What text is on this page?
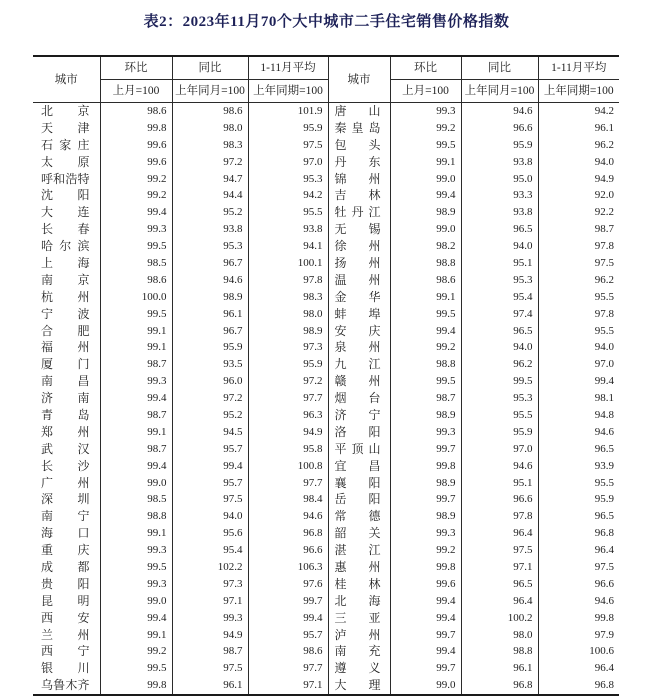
表2：2023年11月70个大中城市二手住宅销售价格指数
城市	环比	同比	1-11月平均	城市	环比	同比	1-11月平均
	上月=100	上年同月=100	上年同期=100		上月=100	上年同月=100	上年同期=100

北 京	98.6	98.6	101.9	唐 山	99.3	94.6	94.2

天 津	99.8	98.0	95.9	秦 皇 岛	99.2	96.6	96.1

石 家 庄	99.6	98.3	97.5	包 头	99.5	95.9	96.2

太 原	99.6	97.2	97.0	丹 东	99.1	93.8	94.0

呼 和 浩 特	99.2	94.7	95.3	锦 州	99.0	95.0	94.9

沈 阳	99.2	94.4	94.2	吉 林	99.4	93.3	92.0

大 连	99.4	95.2	95.5	牡 丹 江	98.9	93.8	92.2

长 春	99.3	93.8	93.8	无 锡	99.0	96.5	98.7

哈 尔 滨	99.5	95.3	94.1	徐 州	98.2	94.0	97.8

上 海	98.5	96.7	100.1	扬 州	98.8	95.1	97.5

南 京	98.6	94.6	97.8	温 州	98.6	95.3	96.2

杭 州	100.0	98.9	98.3	金 华	99.1	95.4	95.5

宁 波	99.5	96.1	98.0	蚌 埠	99.5	97.4	97.8

合 肥	99.1	96.7	98.9	安 庆	99.4	96.5	95.5

福 州	99.1	95.9	97.3	泉 州	99.2	94.0	94.0

厦 门	98.7	93.5	95.9	九 江	98.8	96.2	97.0

南 昌	99.3	96.0	97.2	赣 州	99.5	99.5	99.4

济 南	99.4	97.2	97.7	烟 台	98.7	95.3	98.1

青 岛	98.7	95.2	96.3	济 宁	98.9	95.5	94.8

郑 州	99.1	94.5	94.9	洛 阳	99.3	95.9	94.6

武 汉	98.7	95.7	95.8	平 顶 山	99.7	97.0	96.5

长 沙	99.4	99.4	100.8	宜 昌	99.8	94.6	93.9

广 州	99.0	95.7	97.7	襄 阳	98.9	95.1	95.5

深 圳	98.5	97.5	98.4	岳 阳	99.7	96.6	95.9

南 宁	98.8	94.0	94.6	常 德	98.9	97.8	96.5

海 口	99.1	95.6	96.8	韶 关	99.3	96.4	96.8

重 庆	99.3	95.4	96.6	湛 江	99.2	97.5	96.4

成 都	99.5	102.2	106.3	惠 州	99.8	97.1	97.5

贵 阳	99.3	97.3	97.6	桂 林	99.6	96.5	96.6

昆 明	99.0	97.1	99.7	北 海	99.4	96.4	94.6

西 安	99.4	99.3	99.4	三 亚	99.4	100.2	99.8

兰 州	99.1	94.9	95.7	泸 州	99.7	98.0	97.9

西 宁	99.2	98.7	98.6	南 充	99.4	98.8	100.6

银 川	99.5	97.5	97.7	遵 义	99.7	96.1	96.4

乌 鲁 木 齐	99.8	96.1	97.1	大 理	99.0	96.8	96.8
